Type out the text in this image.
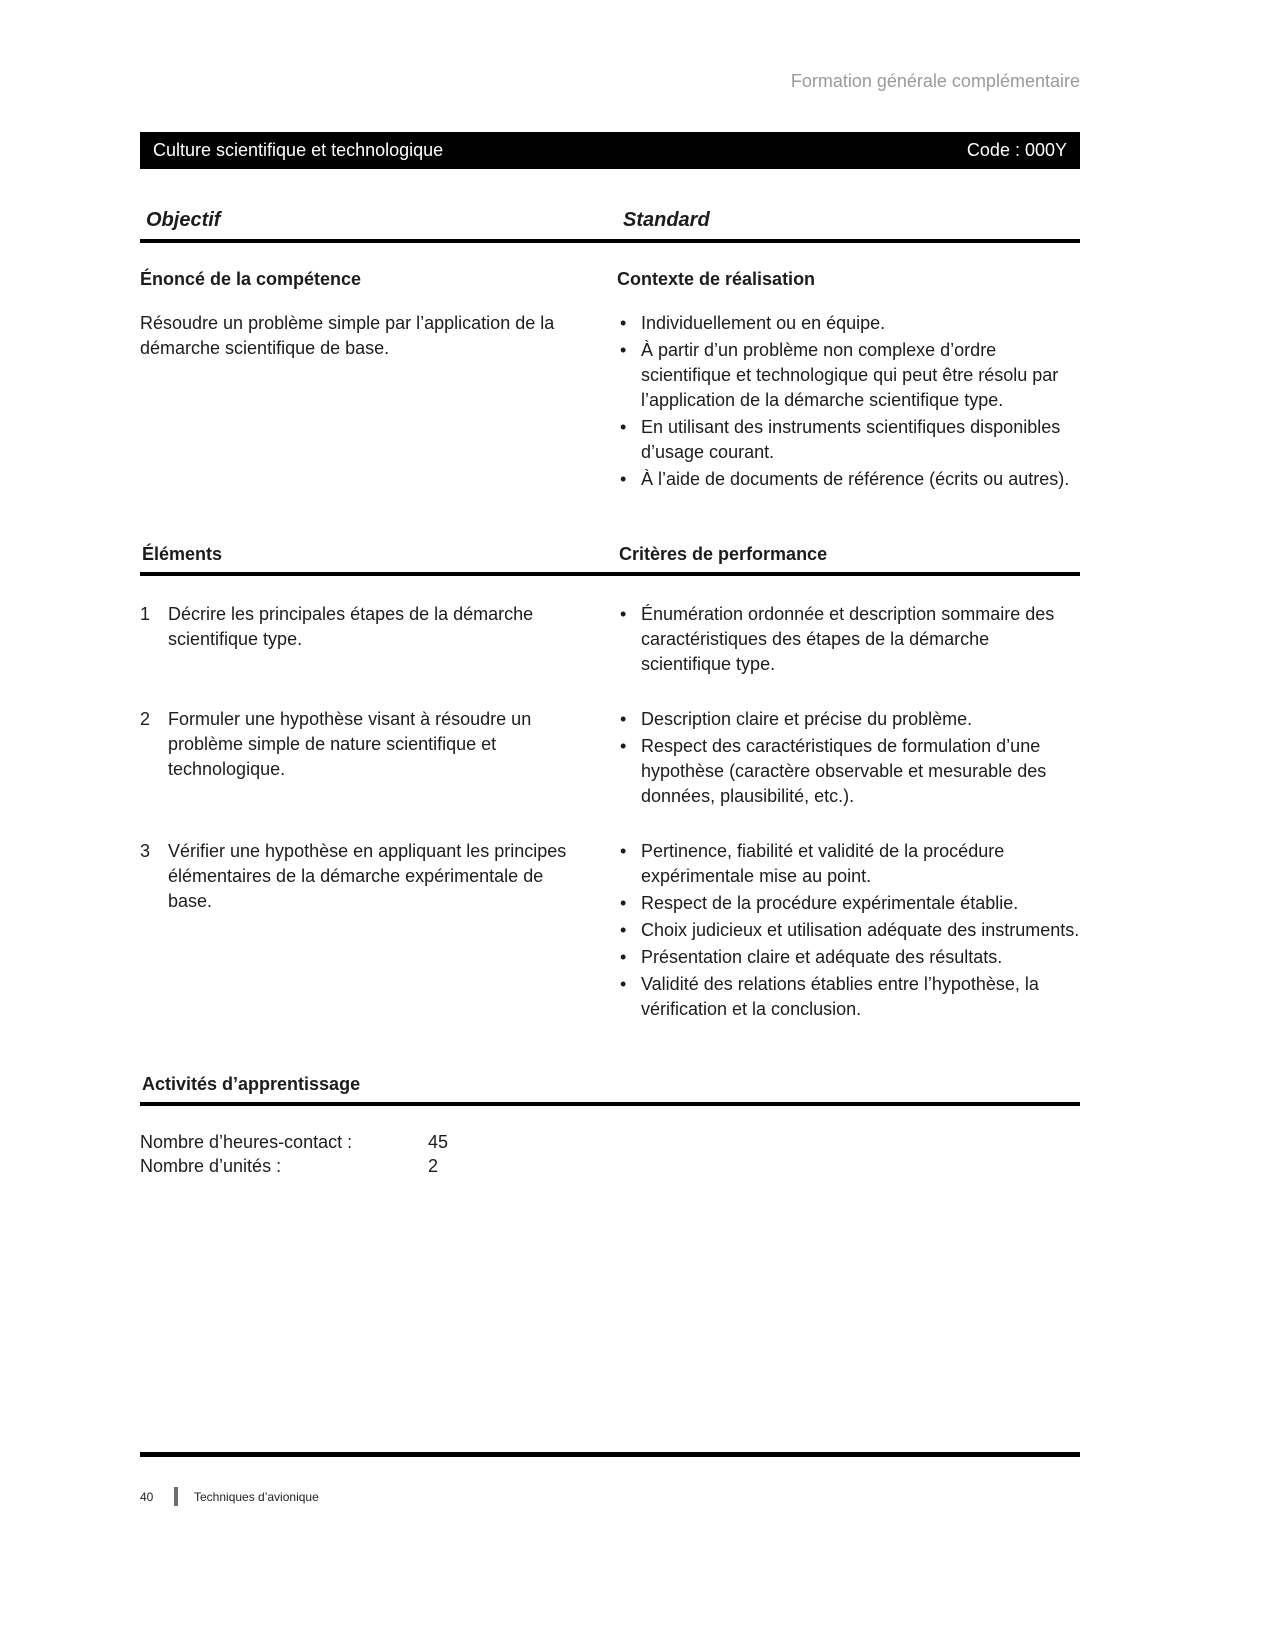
Formation générale complémentaire
Culture scientifique et technologique	Code : 000Y
Objectif	Standard
Énoncé de la compétence

Résoudre un problème simple par l’application de la démarche scientifique de base.

Contexte de réalisation
• Individuellement ou en équipe.
• À partir d’un problème non complexe d’ordre scientifique et technologique qui peut être résolu par l’application de la démarche scientifique type.
• En utilisant des instruments scientifiques disponibles d’usage courant.
• À l’aide de documents de référence (écrits ou autres).
Éléments	Critères de performance
1 Décrire les principales étapes de la démarche scientifique type.
• Énumération ordonnée et description sommaire des caractéristiques des étapes de la démarche scientifique type.
2 Formuler une hypothèse visant à résoudre un problème simple de nature scientifique et technologique.
• Description claire et précise du problème.
• Respect des caractéristiques de formulation d’une hypothèse (caractère observable et mesurable des données, plausibilité, etc.).
3 Vérifier une hypothèse en appliquant les principes élémentaires de la démarche expérimentale de base.
• Pertinence, fiabilité et validité de la procédure expérimentale mise au point.
• Respect de la procédure expérimentale établie.
• Choix judicieux et utilisation adéquate des instruments.
• Présentation claire et adéquate des résultats.
• Validité des relations établies entre l’hypothèse, la vérification et la conclusion.
Activités d’apprentissage
Nombre d’heures-contact :	45
Nombre d’unités :	2
40	Techniques d’avionique
